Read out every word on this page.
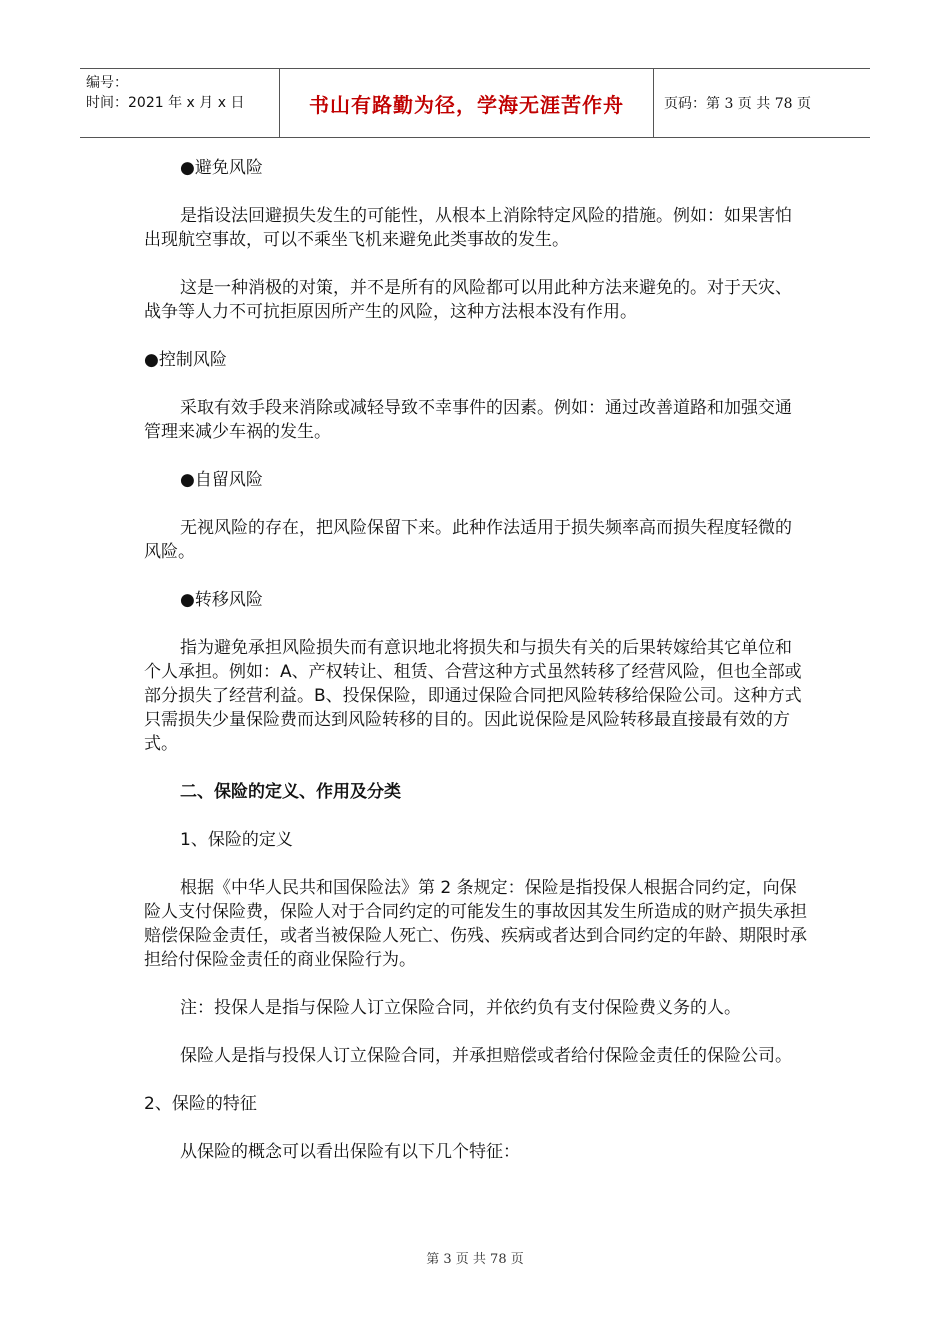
编号：
时间：2021 年 x 月 x 日	书山有路勤为径，学海无涯苦作舟	页码：第 3 页 共 78 页

●避免风险

是指设法回避损失发生的可能性，从根本上消除特定风险的措施。例如：如果害怕出现航空事故，可以不乘坐飞机来避免此类事故的发生。

这是一种消极的对策，并不是所有的风险都可以用此种方法来避免的。对于天灾、战争等人力不可抗拒原因所产生的风险，这种方法根本没有作用。

●控制风险

采取有效手段来消除或减轻导致不幸事件的因素。例如：通过改善道路和加强交通管理来减少车祸的发生。

●自留风险

无视风险的存在，把风险保留下来。此种作法适用于损失频率高而损失程度轻微的风险。

●转移风险

指为避免承担风险损失而有意识地北将损失和与损失有关的后果转嫁给其它单位和个人承担。例如：A、产权转让、租赁、合营这种方式虽然转移了经营风险，但也全部或部分损失了经营利益。B、投保保险，即通过保险合同把风险转移给保险公司。这种方式只需损失少量保险费而达到风险转移的目的。因此说保险是风险转移最直接最有效的方式。

二、保险的定义、作用及分类

1、保险的定义

根据《中华人民共和国保险法》第 2 条规定：保险是指投保人根据合同约定，向保险人支付保险费，保险人对于合同约定的可能发生的事故因其发生所造成的财产损失承担赔偿保险金责任，或者当被保险人死亡、伤残、疾病或者达到合同约定的年龄、期限时承担给付保险金责任的商业保险行为。

注：投保人是指与保险人订立保险合同，并依约负有支付保险费义务的人。

保险人是指与投保人订立保险合同，并承担赔偿或者给付保险金责任的保险公司。

2、保险的特征

从保险的概念可以看出保险有以下几个特征：

第 3 页 共 78 页
